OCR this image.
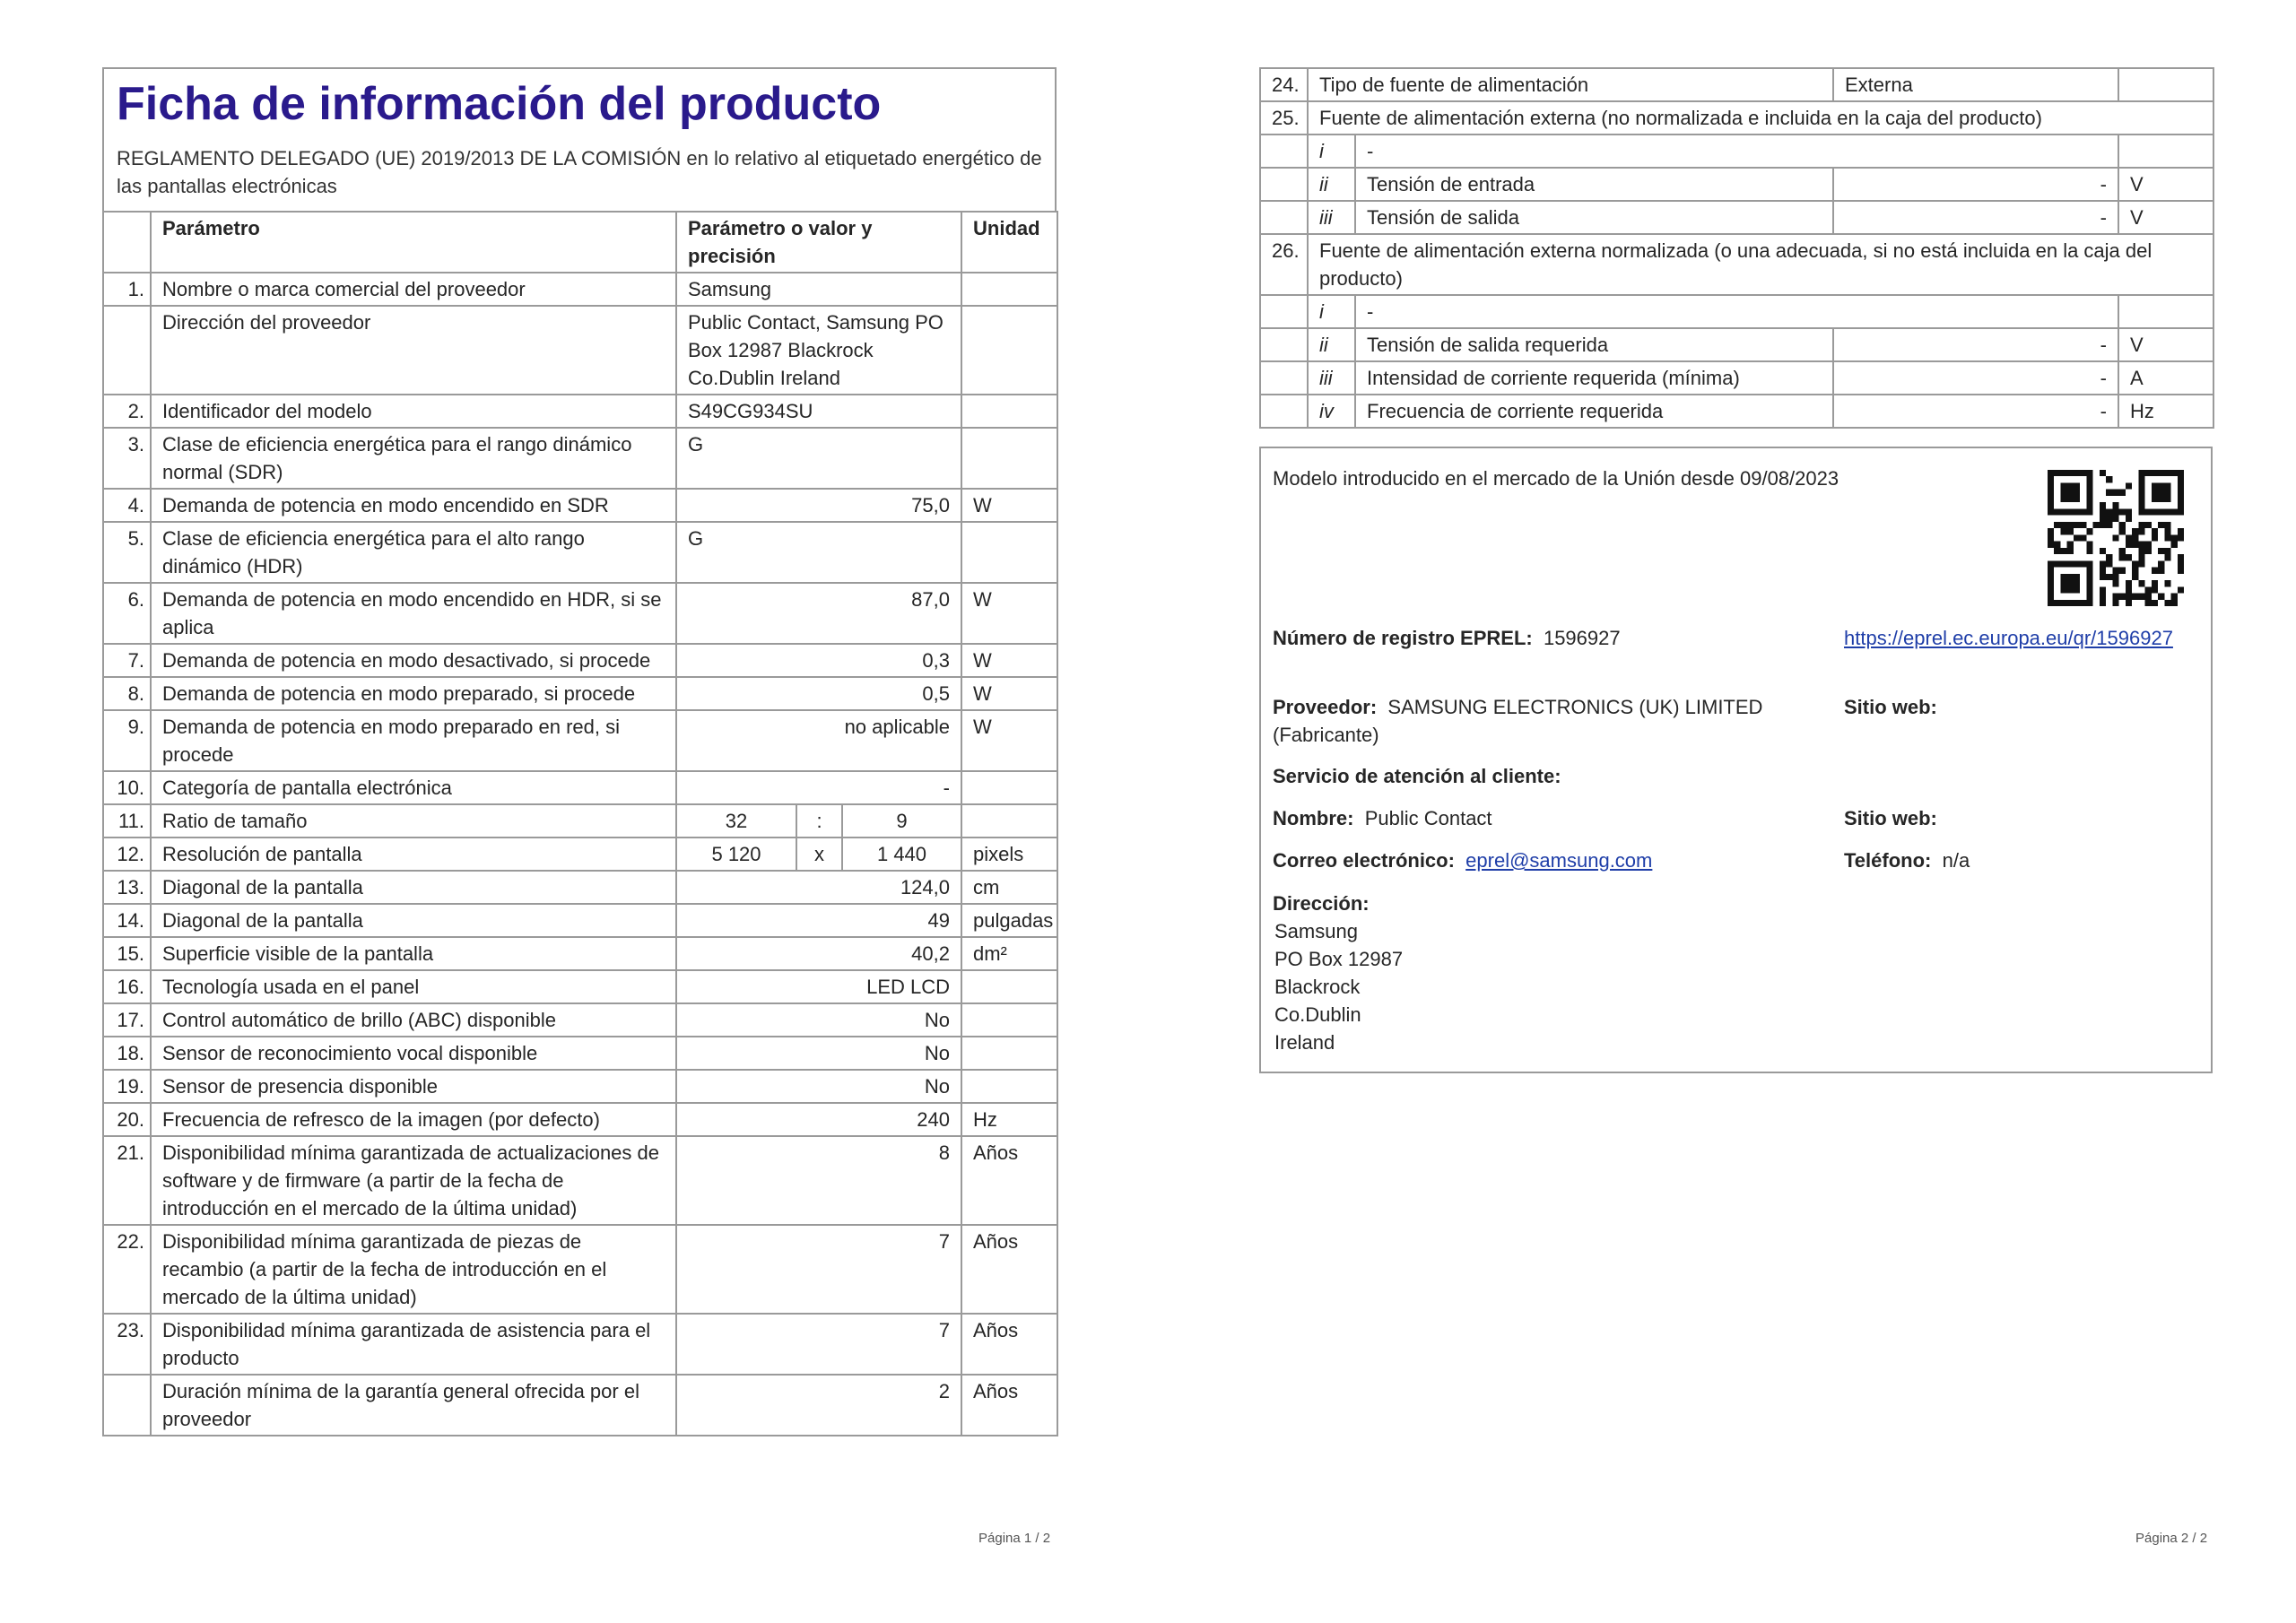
Ficha de información del producto
REGLAMENTO DELEGADO (UE) 2019/2013 DE LA COMISIÓN en lo relativo al etiquetado energético de las pantallas electrónicas
	Parámetro	Parámetro o valor y precisión			Unidad
1.	Nombre o marca comercial del proveedor	Samsung			
	Dirección del proveedor	Public Contact, Samsung PO Box 12987 Blackrock Co.Dublin Ireland			
2.	Identificador del modelo	S49CG934SU			
3.	Clase de eficiencia energética para el rango dinámico normal (SDR)	G			
4.	Demanda de potencia en modo encendido en SDR	75,0			W
5.	Clase de eficiencia energética para el alto rango dinámico (HDR)	G			
6.	Demanda de potencia en modo encendido en HDR, si se aplica	87,0			W
7.	Demanda de potencia en modo desactivado, si procede	0,3			W
8.	Demanda de potencia en modo preparado, si procede	0,5			W
9.	Demanda de potencia en modo preparado en red, si procede	no aplicable			W
10.	Categoría de pantalla electrónica	-			
11.	Ratio de tamaño	32	:	9	
12.	Resolución de pantalla	5 120	x	1 440	pixels
13.	Diagonal de la pantalla	124,0			cm
14.	Diagonal de la pantalla	49			pulgadas
15.	Superficie visible de la pantalla	40,2			dm²
16.	Tecnología usada en el panel	LED LCD			
17.	Control automático de brillo (ABC) disponible	No			
18.	Sensor de reconocimiento vocal disponible	No			
19.	Sensor de presencia disponible	No			
20.	Frecuencia de refresco de la imagen (por defecto)	240			Hz
21.	Disponibilidad mínima garantizada de actualizaciones de software y de firmware (a partir de la fecha de introducción en el mercado de la última unidad)	8			Años
22.	Disponibilidad mínima garantizada de piezas de recambio (a partir de la fecha de introducción en el mercado de la última unidad)	7			Años
23.	Disponibilidad mínima garantizada de asistencia para el producto	7			Años
	Duración mínima de la garantía general ofrecida por el proveedor	2			Años
Página 1 / 2
24.	Tipo de fuente de alimentación		Externa	
25.	Fuente de alimentación externa (no normalizada e incluida en la caja del producto)			
	i	-		
	ii	Tensión de entrada	-	V
	iii	Tensión de salida	-	V
26.	Fuente de alimentación externa normalizada (o una adecuada, si no está incluida en la caja del producto)			
	i	-		
	ii	Tensión de salida requerida	-	V
	iii	Intensidad de corriente requerida (mínima)	-	A
	iv	Frecuencia de corriente requerida	-	Hz
Modelo introducido en el mercado de la Unión desde 09/08/2023
Número de registro EPREL: 1596927	https://eprel.ec.europa.eu/qr/1596927
Proveedor: SAMSUNG ELECTRONICS (UK) LIMITED (Fabricante)
Sitio web:
Servicio de atención al cliente:
Nombre: Public Contact	Sitio web:
Correo electrónico: eprel@samsung.com	Teléfono: n/a
Dirección:
Samsung
PO Box 12987
Blackrock
Co.Dublin
Ireland
Página 2 / 2
